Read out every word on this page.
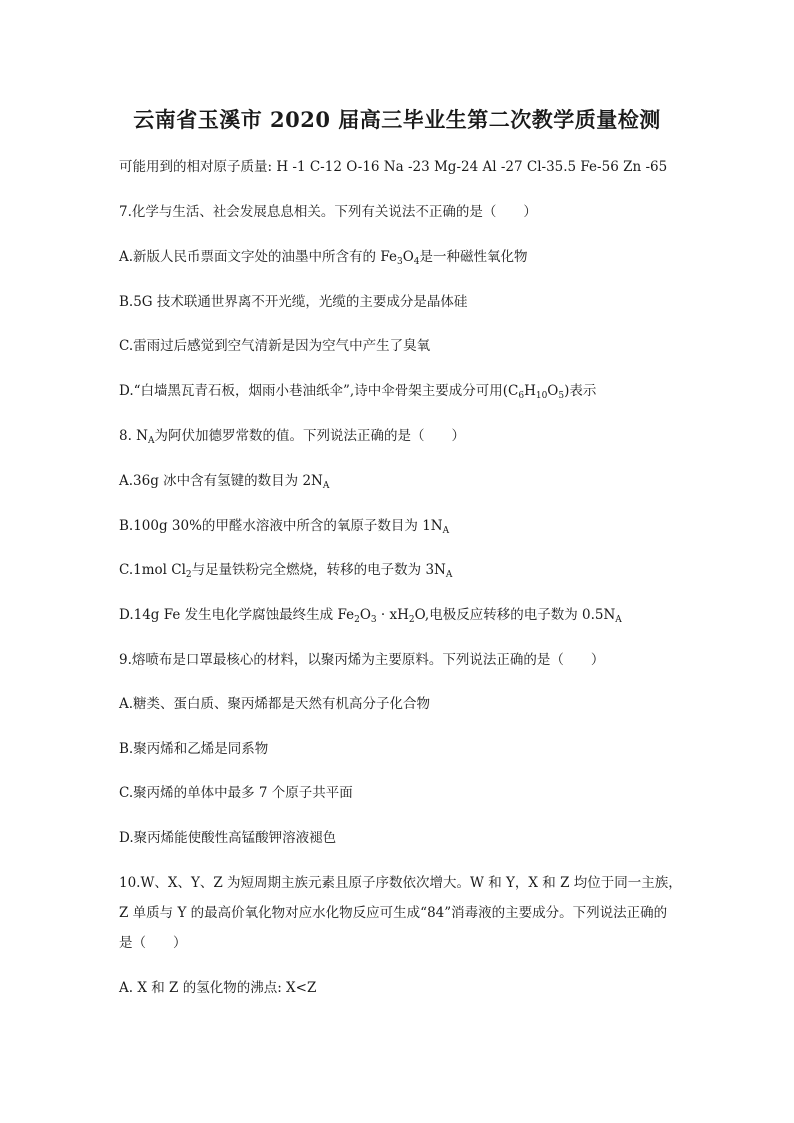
云南省玉溪市 2020 届高三毕业生第二次教学质量检测
可能用到的相对原子质量: H -1 C-12 O-16 Na -23 Mg-24 Al -27 Cl-35.5 Fe-56 Zn -65
7.化学与生活、社会发展息息相关。下列有关说法不正确的是（　　）
A.新版人民币票面文字处的油墨中所含有的 $Fe_3O_4$是一种磁性氧化物
B.5G 技术联通世界离不开光缆，光缆的主要成分是晶体硅
C.雷雨过后感觉到空气清新是因为空气中产生了臭氧
D.“白墙黑瓦青石板，烟雨小巷油纸伞”,诗中伞骨架主要成分可用$(C_6H_{10}O_5)$表示
8. $N_A$为阿伏加德罗常数的值。下列说法正确的是（　　）
A.36g 冰中含有氢键的数目为 $2N_A$
B.100g 30%的甲醛水溶液中所含的氧原子数目为 $1N_A$
C.1mol $Cl_2$与足量铁粉完全燃烧，转移的电子数为 $3N_A$
D.14g Fe 发生电化学腐蚀最终生成 $Fe_2O_3 \cdot xH_2O$,电极反应转移的电子数为 $0.5N_A$
9.熔喷布是口罩最核心的材料，以聚丙烯为主要原料。下列说法正确的是（　　）
A.糖类、蛋白质、聚丙烯都是天然有机高分子化合物
B.聚丙烯和乙烯是同系物
C.聚丙烯的单体中最多 7 个原子共平面
D.聚丙烯能使酸性高锰酸钾溶液褪色
10.W、X、Y、Z 为短周期主族元素且原子序数依次增大。W 和 Y，X 和 Z 均位于同一主族，
Z 单质与 Y 的最高价氧化物对应水化物反应可生成“84”消毒液的主要成分。下列说法正确的
是（　　）
A. X 和 Z 的氢化物的沸点: X<Z
